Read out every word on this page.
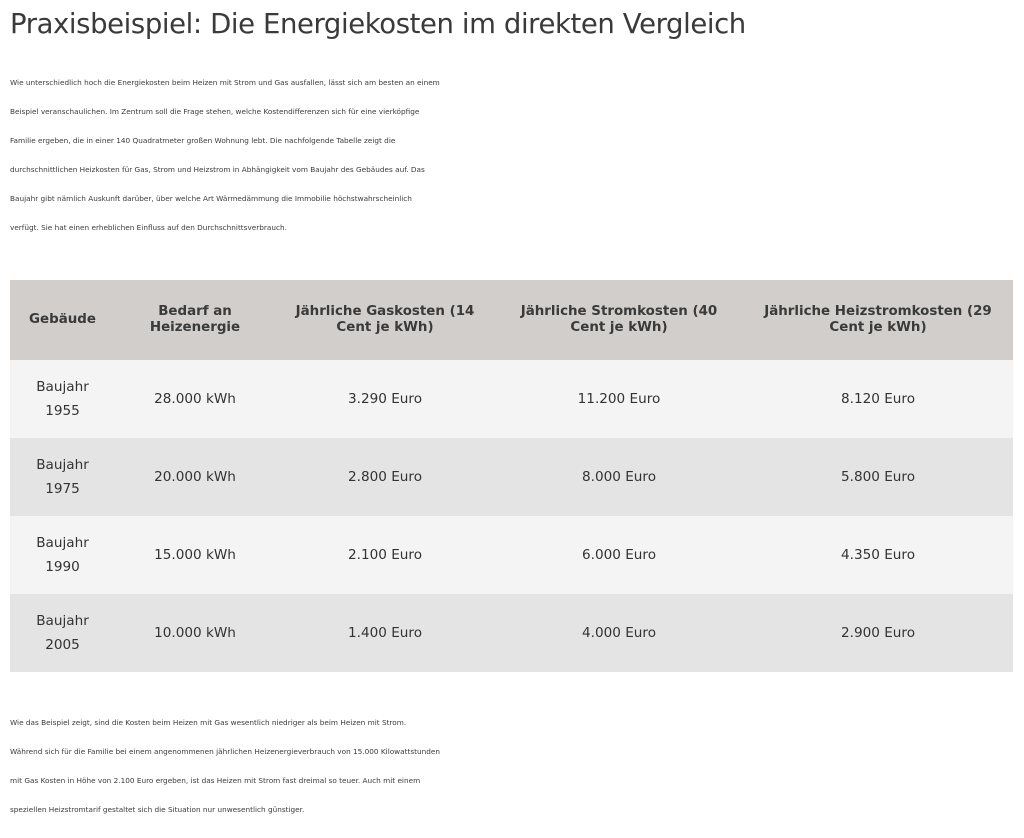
Praxisbeispiel: Die Energiekosten im direkten Vergleich

Wie unterschiedlich hoch die Energiekosten beim Heizen mit Strom und Gas ausfallen, lässt sich am besten an einem
Beispiel veranschaulichen. Im Zentrum soll die Frage stehen, welche Kostendifferenzen sich für eine vierköpfige
Familie ergeben, die in einer 140 Quadratmeter großen Wohnung lebt. Die nachfolgende Tabelle zeigt die
durchschnittlichen Heizkosten für Gas, Strom und Heizstrom in Abhängigkeit vom Baujahr des Gebäudes auf. Das
Baujahr gibt nämlich Auskunft darüber, über welche Art Wärmedämmung die Immobilie höchstwahrscheinlich
verfügt. Sie hat einen erheblichen Einfluss auf den Durchschnittsverbrauch.

Gebäude	Bedarf an Heizenergie	Jährliche Gaskosten (14 Cent je kWh)	Jährliche Stromkosten (40 Cent je kWh)	Jährliche Heizstromkosten (29 Cent je kWh)

Baujahr 1955	28.000 kWh	3.290 Euro	11.200 Euro	8.120 Euro

Baujahr 1975	20.000 kWh	2.800 Euro	8.000 Euro	5.800 Euro

Baujahr 1990	15.000 kWh	2.100 Euro	6.000 Euro	4.350 Euro

Baujahr 2005	10.000 kWh	1.400 Euro	4.000 Euro	2.900 Euro

Wie das Beispiel zeigt, sind die Kosten beim Heizen mit Gas wesentlich niedriger als beim Heizen mit Strom.
Während sich für die Familie bei einem angenommenen jährlichen Heizenergieverbrauch von 15.000 Kilowattstunden
mit Gas Kosten in Höhe von 2.100 Euro ergeben, ist das Heizen mit Strom fast dreimal so teuer. Auch mit einem
speziellen Heizstromtarif gestaltet sich die Situation nur unwesentlich günstiger.
